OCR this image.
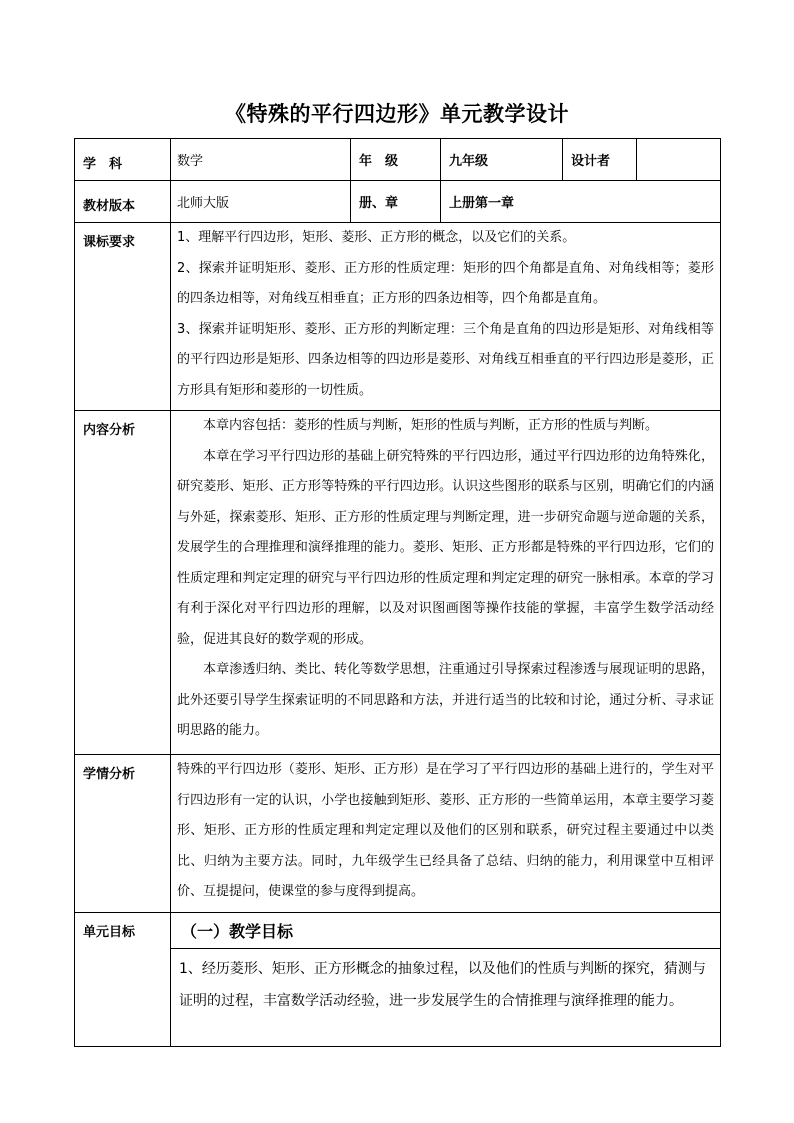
《特殊的平行四边形》单元教学设计
学　科	数学	年　级	九年级	设计者	
教材版本	北师大版	册、章	上册第一章		
课标要求	1、理解平行四边形，矩形、菱形、正方形的概念，以及它们的关系。

2、探索并证明矩形、菱形、正方形的性质定理：矩形的四个角都是直角、对角线相等；菱形的四条边相等，对角线互相垂直；正方形的四条边相等，四个角都是直角。

3、探索并证明矩形、菱形、正方形的判断定理：三个角是直角的四边形是矩形、对角线相等的平行四边形是矩形、四条边相等的四边形是菱形、对角线互相垂直的平行四边形是菱形，正方形具有矩形和菱形的一切性质。				

内容分析	本章内容包括：菱形的性质与判断，矩形的性质与判断，正方形的性质与判断。

本章在学习平行四边形的基础上研究特殊的平行四边形，通过平行四边形的边角特殊化，研究菱形、矩形、正方形等特殊的平行四边形。认识这些图形的联系与区别，明确它们的内涵与外延，探索菱形、矩形、正方形的性质定理与判断定理，进一步研究命题与逆命题的关系，发展学生的合理推理和演绎推理的能力。菱形、矩形、正方形都是特殊的平行四边形，它们的性质定理和判定定理的研究与平行四边形的性质定理和判定定理的研究一脉相承。本章的学习有利于深化对平行四边形的理解，以及对识图画图等操作技能的掌握，丰富学生数学活动经验，促进其良好的数学观的形成。

本章渗透归纳、类比、转化等数学思想，注重通过引导探索过程渗透与展现证明的思路，此外还要引导学生探索证明的不同思路和方法，并进行适当的比较和讨论，通过分析、寻求证明思路的能力。				

学情分析	特殊的平行四边形（菱形、矩形、正方形）是在学习了平行四边形的基础上进行的，学生对平行四边形有一定的认识，小学也接触到矩形、菱形、正方形的一些简单运用，本章主要学习菱形、矩形、正方形的性质定理和判定定理以及他们的区别和联系，研究过程主要通过中以类比、归纳为主要方法。同时，九年级学生已经具备了总结、归纳的能力，利用课堂中互相评价、互提提问，使课堂的参与度得到提高。				

单元目标	（一）教学目标
1、经历菱形、矩形、正方形概念的抽象过程，以及他们的性质与判断的探究，猜测与证明的过程，丰富数学活动经验，进一步发展学生的合情推理与演绎推理的能力。				
